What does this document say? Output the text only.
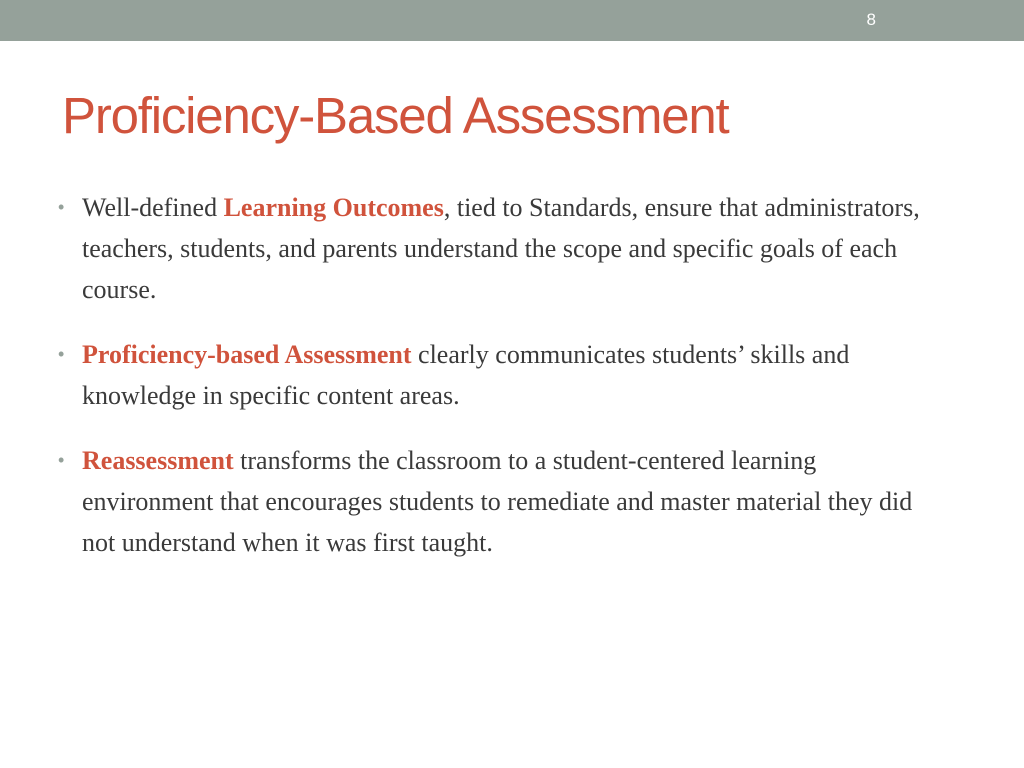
8
Proficiency-Based Assessment
• Well-defined Learning Outcomes, tied to Standards, ensure that administrators, teachers, students, and parents understand the scope and specific goals of each course.
• Proficiency-based Assessment clearly communicates students’ skills and knowledge in specific content areas.
• Reassessment transforms the classroom to a student-centered learning environment that encourages students to remediate and master material they did not understand when it was first taught.
